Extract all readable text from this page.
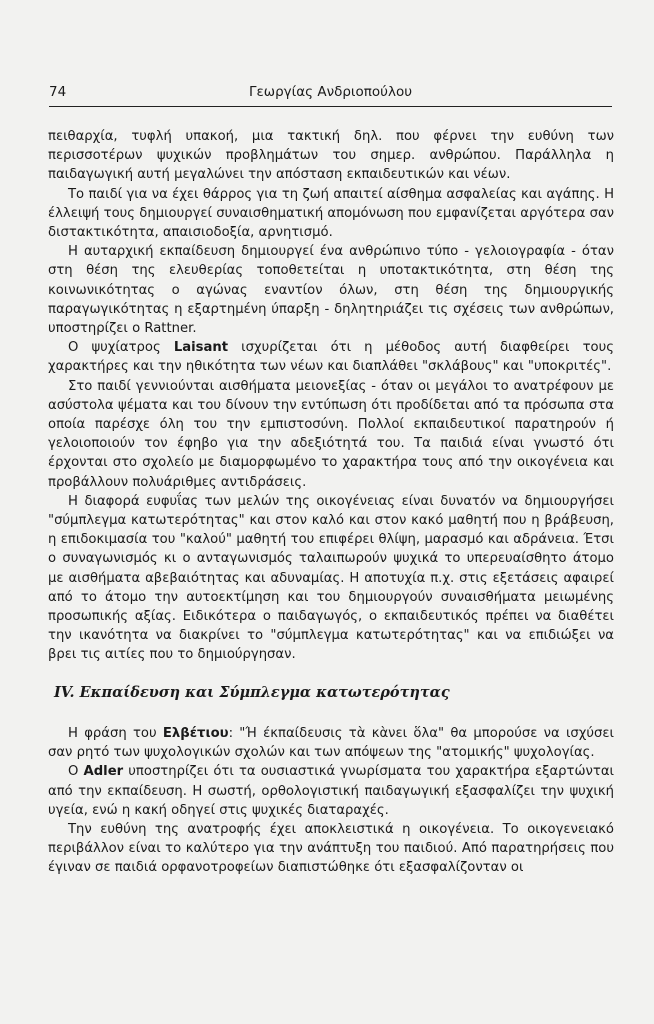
74	Γεωργίας Ανδριοπούλου

πειθαρχία, τυφλή υπακοή, μια τακτική δηλ. που φέρνει την ευθύνη των περισσοτέρων ψυχικών προβλημάτων του σημερ. ανθρώπου. Παράλληλα η παιδαγωγική αυτή μεγαλώνει την απόσταση εκπαιδευτικών και νέων.

Το παιδί για να έχει θάρρος για τη ζωή απαιτεί αίσθημα ασφαλείας και αγάπης. Η έλλειψή τους δημιουργεί συναισθηματική απομόνωση που εμφανίζεται αργότερα σαν διστακτικότητα, απαισιοδοξία, αρνητισμό.

Η αυταρχική εκπαίδευση δημιουργεί ένα ανθρώπινο τύπο - γελοιογραφία - όταν στη θέση της ελευθερίας τοποθετείται η υποτακτικότητα, στη θέση της κοινωνικότητας ο αγώνας εναντίον όλων, στη θέση της δημιουργικής παραγωγικότητας η εξαρτημένη ύπαρξη - δηλητηριάζει τις σχέσεις των ανθρώπων, υποστηρίζει ο Rattner.

Ο ψυχίατρος Laisant ισχυρίζεται ότι η μέθοδος αυτή διαφθείρει τους χαρακτήρες και την ηθικότητα των νέων και διαπλάθει "σκλάβους" και "υποκριτές".

Στο παιδί γεννιούνται αισθήματα μειονεξίας - όταν οι μεγάλοι το ανατρέφουν με ασύστολα ψέματα και του δίνουν την εντύπωση ότι προδίδεται από τα πρόσωπα στα οποία παρέσχε όλη του την εμπιστοσύνη. Πολλοί εκπαιδευτικοί παρατηρούν ή γελοιοποιούν τον έφηβο για την αδεξιότητά του. Τα παιδιά είναι γνωστό ότι έρχονται στο σχολείο με διαμορφωμένο το χαρακτήρα τους από την οικογένεια και προβάλλουν πολυάριθμες αντιδράσεις.

Η διαφορά ευφυΐας των μελών της οικογένειας είναι δυνατόν να δημιουργήσει "σύμπλεγμα κατωτερότητας" και στον καλό και στον κακό μαθητή που η βράβευση, η επιδοκιμασία του "καλού" μαθητή του επιφέρει θλίψη, μαρασμό και αδράνεια. Έτσι ο συναγωνισμός κι ο ανταγωνισμός ταλαιπωρούν ψυχικά το υπερευαίσθητο άτομο με αισθήματα αβεβαιότητας και αδυναμίας. Η αποτυχία π.χ. στις εξετάσεις αφαιρεί από το άτομο την αυτοεκτίμηση και του δημιουργούν συναισθήματα μειωμένης προσωπικής αξίας. Ειδικότερα ο παιδαγωγός, ο εκπαιδευτικός πρέπει να διαθέτει την ικανότητα να διακρίνει το "σύμπλεγμα κατωτερότητας" και να επιδιώξει να βρει τις αιτίες που το δημιούργησαν.

IV. Εκπαίδευση και Σύμπλεγμα κατωτερότητας

Η φράση του Ελβέτιου: "Ή έκπαίδευσις τὰ κὰνει ὅλα" θα μπορούσε να ισχύσει σαν ρητό των ψυχολογικών σχολών και των απόψεων της "ατομικής" ψυχολογίας.

Ο Adler υποστηρίζει ότι τα ουσιαστικά γνωρίσματα του χαρακτήρα εξαρτώνται από την εκπαίδευση. Η σωστή, ορθολογιστική παιδαγωγική εξασφαλίζει την ψυχική υγεία, ενώ η κακή οδηγεί στις ψυχικές διαταραχές.

Την ευθύνη της ανατροφής έχει αποκλειστικά η οικογένεια. Το οικογενειακό περιβάλλον είναι το καλύτερο για την ανάπτυξη του παιδιού. Από παρατηρήσεις που έγιναν σε παιδιά ορφανοτροφείων διαπιστώθηκε ότι εξασφαλίζονταν οι
